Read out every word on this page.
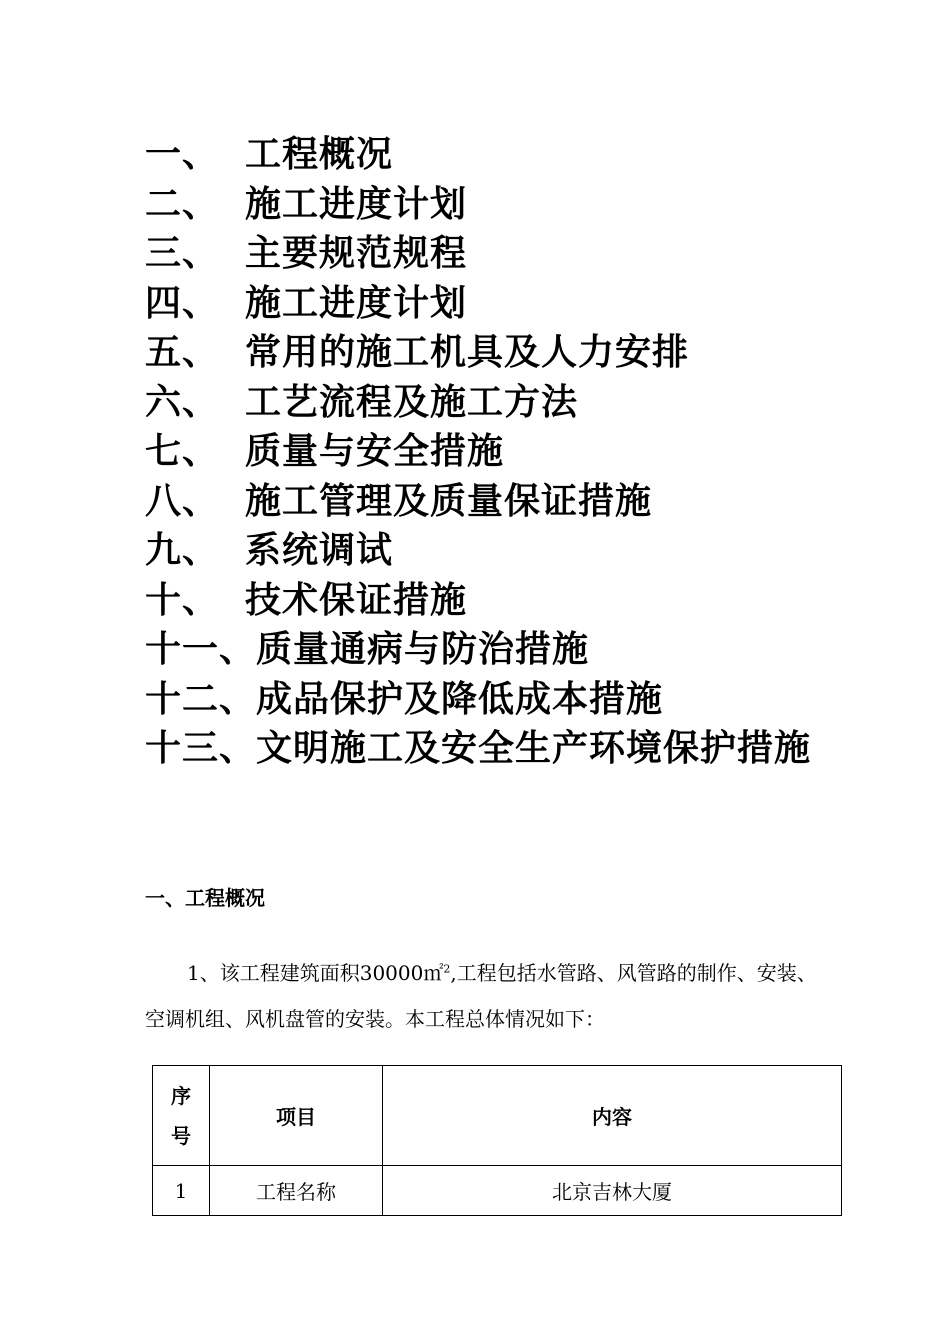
一、 工程概况
二、 施工进度计划
三、 主要规范规程
四、 施工进度计划
五、 常用的施工机具及人力安排
六、 工艺流程及施工方法
七、 质量与安全措施
八、 施工管理及质量保证措施
九、 系统调试
十、 技术保证措施
十一、质量通病与防治措施
十二、成品保护及降低成本措施
十三、文明施工及安全生产环境保护措施
一、工程概况
1、该工程建筑面积30000㎡$^2$,工程包括水管路、风管路的制作、安装、空调机组、风机盘管的安装。本工程总体情况如下：
序
号	项目	内容
1	工程名称	北京吉林大厦
